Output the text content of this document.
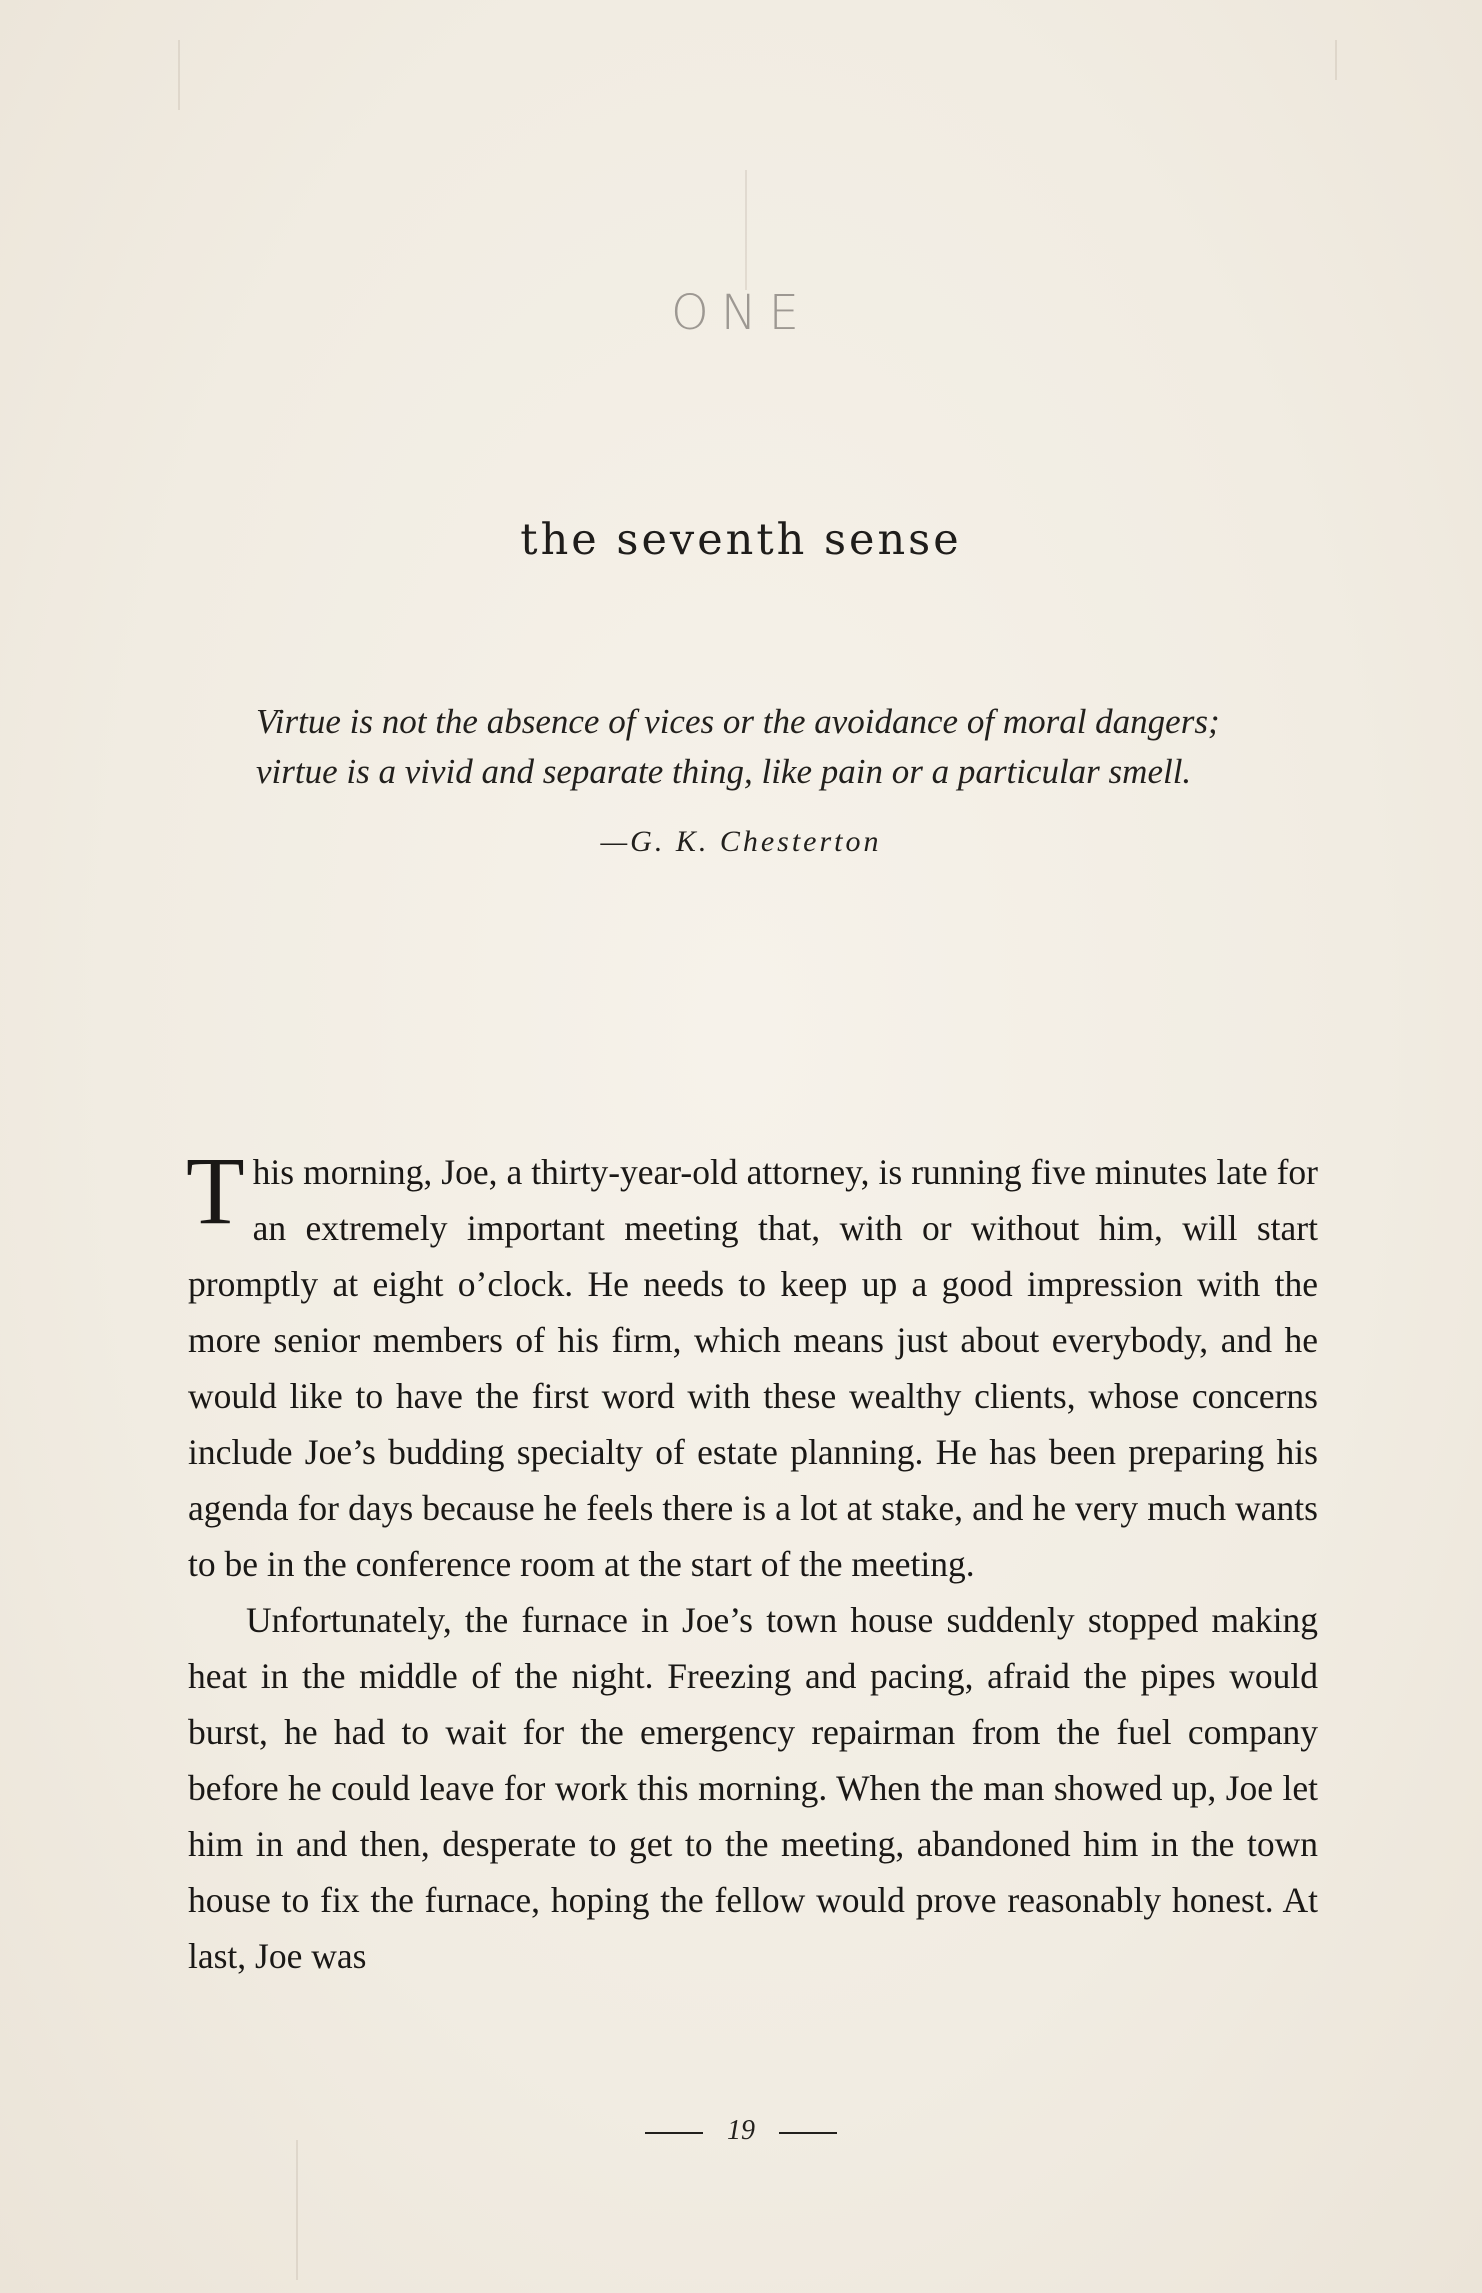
ONE
the seventh sense

Virtue is not the absence of vices or the avoidance of moral dangers;

virtue is a vivid and separate thing, like pain or a particular smell.

—G. K. Chesterton

This morning, Joe, a thirty-year-old attorney, is running five minutes late for an extremely important meeting that, with or without him, will start promptly at eight o’clock. He needs to keep up a good impression with the more senior members of his firm, which means just about everybody, and he would like to have the first word with these wealthy clients, whose concerns include Joe’s budding specialty of estate planning. He has been preparing his agenda for days because he feels there is a lot at stake, and he very much wants to be in the conference room at the start of the meeting.

Unfortunately, the furnace in Joe’s town house suddenly stopped making heat in the middle of the night. Freezing and pacing, afraid the pipes would burst, he had to wait for the emergency repairman from the fuel company before he could leave for work this morning. When the man showed up, Joe let him in and then, desperate to get to the meeting, abandoned him in the town house to fix the furnace, hoping the fellow would prove reasonably honest. At last, Joe was

19
